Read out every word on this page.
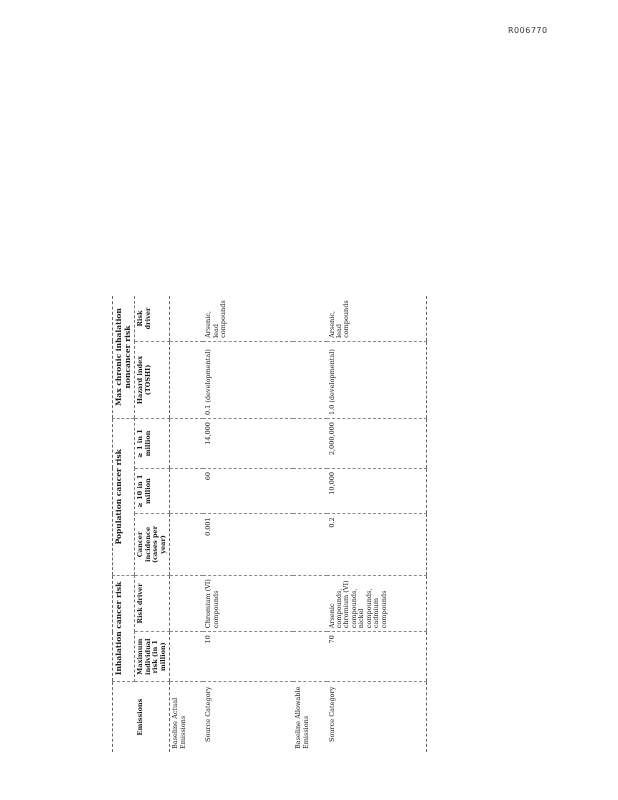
R006770
Emissions	Inhalation cancer risk		Population cancer risk			Max chronic inhalation noncancer risk	
	Maximum individual risk (in 1 million)	Risk driver	Cancer incidence (cases per year)	≥ 10 in 1 million	≥ 1 in 1 million	Hazard index (TOSHI)	Risk driver
Baseline Actual Emissions							
Source Category	10	Chromium (VI) compounds	0.001	60	14,000	0.1 (developmental)	Arsenic, lead compounds
Baseline Allowable Emissions							
Source Category	70	Arsenic compounds, chromium (VI) compounds, nickel compounds, cadmium compounds	0.2	10,000	2,000,000	1.0 (developmental)	Arsenic, lead compounds
